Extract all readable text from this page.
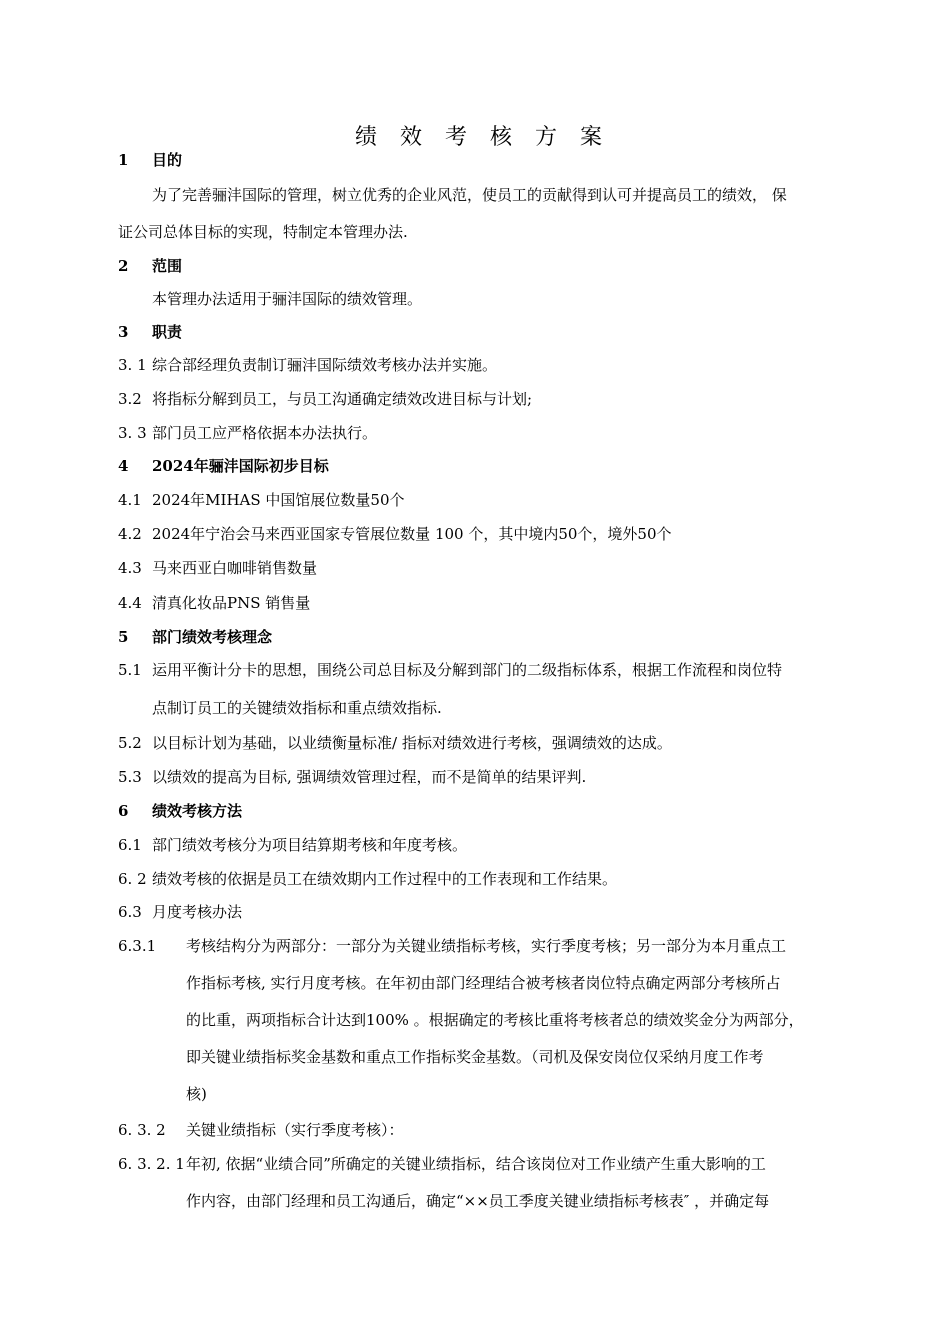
绩 效 考 核 方 案
1 目的
为了完善骊沣国际的管理，树立优秀的企业风范，使员工的贡献得到认可并提高员工的绩效， 保
证公司总体目标的实现，特制定本管理办法.
2 范围
本管理办法适用于骊沣国际的绩效管理。
3 职责
3. 1 综合部经理负责制订骊沣国际绩效考核办法并实施。
3.2 将指标分解到员工，与员工沟通确定绩效改进目标与计划;
3. 3 部门员工应严格依据本办法执行。
4 2024年骊沣国际初步目标
4.1 2024年MIHAS 中国馆展位数量50个
4.2 2024年宁治会马来西亚国家专管展位数量 100 个，其中境内50个，境外50个
4.3 马来西亚白咖啡销售数量
4.4 清真化妆品PNS 销售量
5 部门绩效考核理念
5.1 运用平衡计分卡的思想，围绕公司总目标及分解到部门的二级指标体系，根据工作流程和岗位特
点制订员工的关键绩效指标和重点绩效指标.
5.2 以目标计划为基础，以业绩衡量标准/ 指标对绩效进行考核，强调绩效的达成。
5.3 以绩效的提高为目标, 强调绩效管理过程，而不是简单的结果评判.
6 绩效考核方法
6.1 部门绩效考核分为项目结算期考核和年度考核。
6. 2 绩效考核的依据是员工在绩效期内工作过程中的工作表现和工作结果。
6.3 月度考核办法
6.3.1 考核结构分为两部分：一部分为关键业绩指标考核，实行季度考核；另一部分为本月重点工
作指标考核, 实行月度考核。在年初由部门经理结合被考核者岗位特点确定两部分考核所占
的比重，两项指标合计达到100% 。根据确定的考核比重将考核者总的绩效奖金分为两部分，
即关键业绩指标奖金基数和重点工作指标奖金基数。（司机及保安岗位仅采纳月度工作考
核)
6. 3. 2 关键业绩指标（实行季度考核）：
6. 3. 2. 1年初, 依据“业绩合同”所确定的关键业绩指标，结合该岗位对工作业绩产生重大影响的工
作内容，由部门经理和员工沟通后，确定“××员工季度关键业绩指标考核表″ ，并确定每
